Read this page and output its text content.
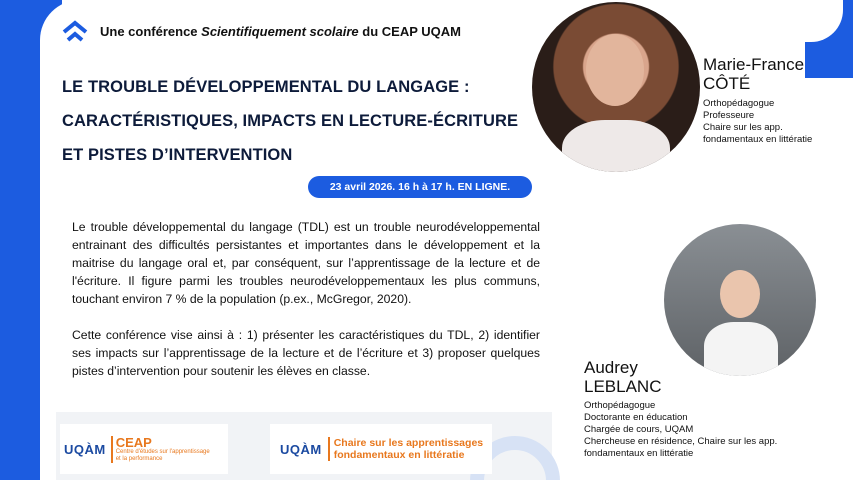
Une conférence Scientifiquement scolaire du CEAP UQAM
LE TROUBLE DÉVELOPPEMENTAL DU LANGAGE :
CARACTÉRISTIQUES, IMPACTS EN LECTURE-ÉCRITURE
ET PISTES D’INTERVENTION
23 avril 2026. 16 h à 17 h. EN LIGNE.

Le trouble développemental du langage (TDL) est un trouble neurodéveloppemental entrainant des difficultés persistantes et importantes dans le développement et la maitrise du langage oral et, par conséquent, sur l’apprentissage de la lecture et de l'écriture. Il figure parmi les troubles neurodéveloppementaux les plus communs, touchant environ 7 % de la population (p.ex., McGregor, 2020).

Cette conférence vise ainsi à : 1) présenter les caractéristiques du TDL, 2) identifier ses impacts sur l’apprentissage de la lecture et de l’écriture et 3) proposer quelques pistes d’intervention pour soutenir les élèves en classe.

UQÀM CEAP
Centre d'études sur l'apprentissage
et la performance
UQÀM Chaire sur les apprentissages
fondamentaux en littératie
Marie-France
CÔTÉ
Orthopédagogue
Professeure
Chaire sur les app.
fondamentaux en littératie
Audrey
LEBLANC
Orthopédagogue
Doctorante en éducation
Chargée de cours, UQAM
Chercheuse en résidence, Chaire sur les app.
fondamentaux en littératie
